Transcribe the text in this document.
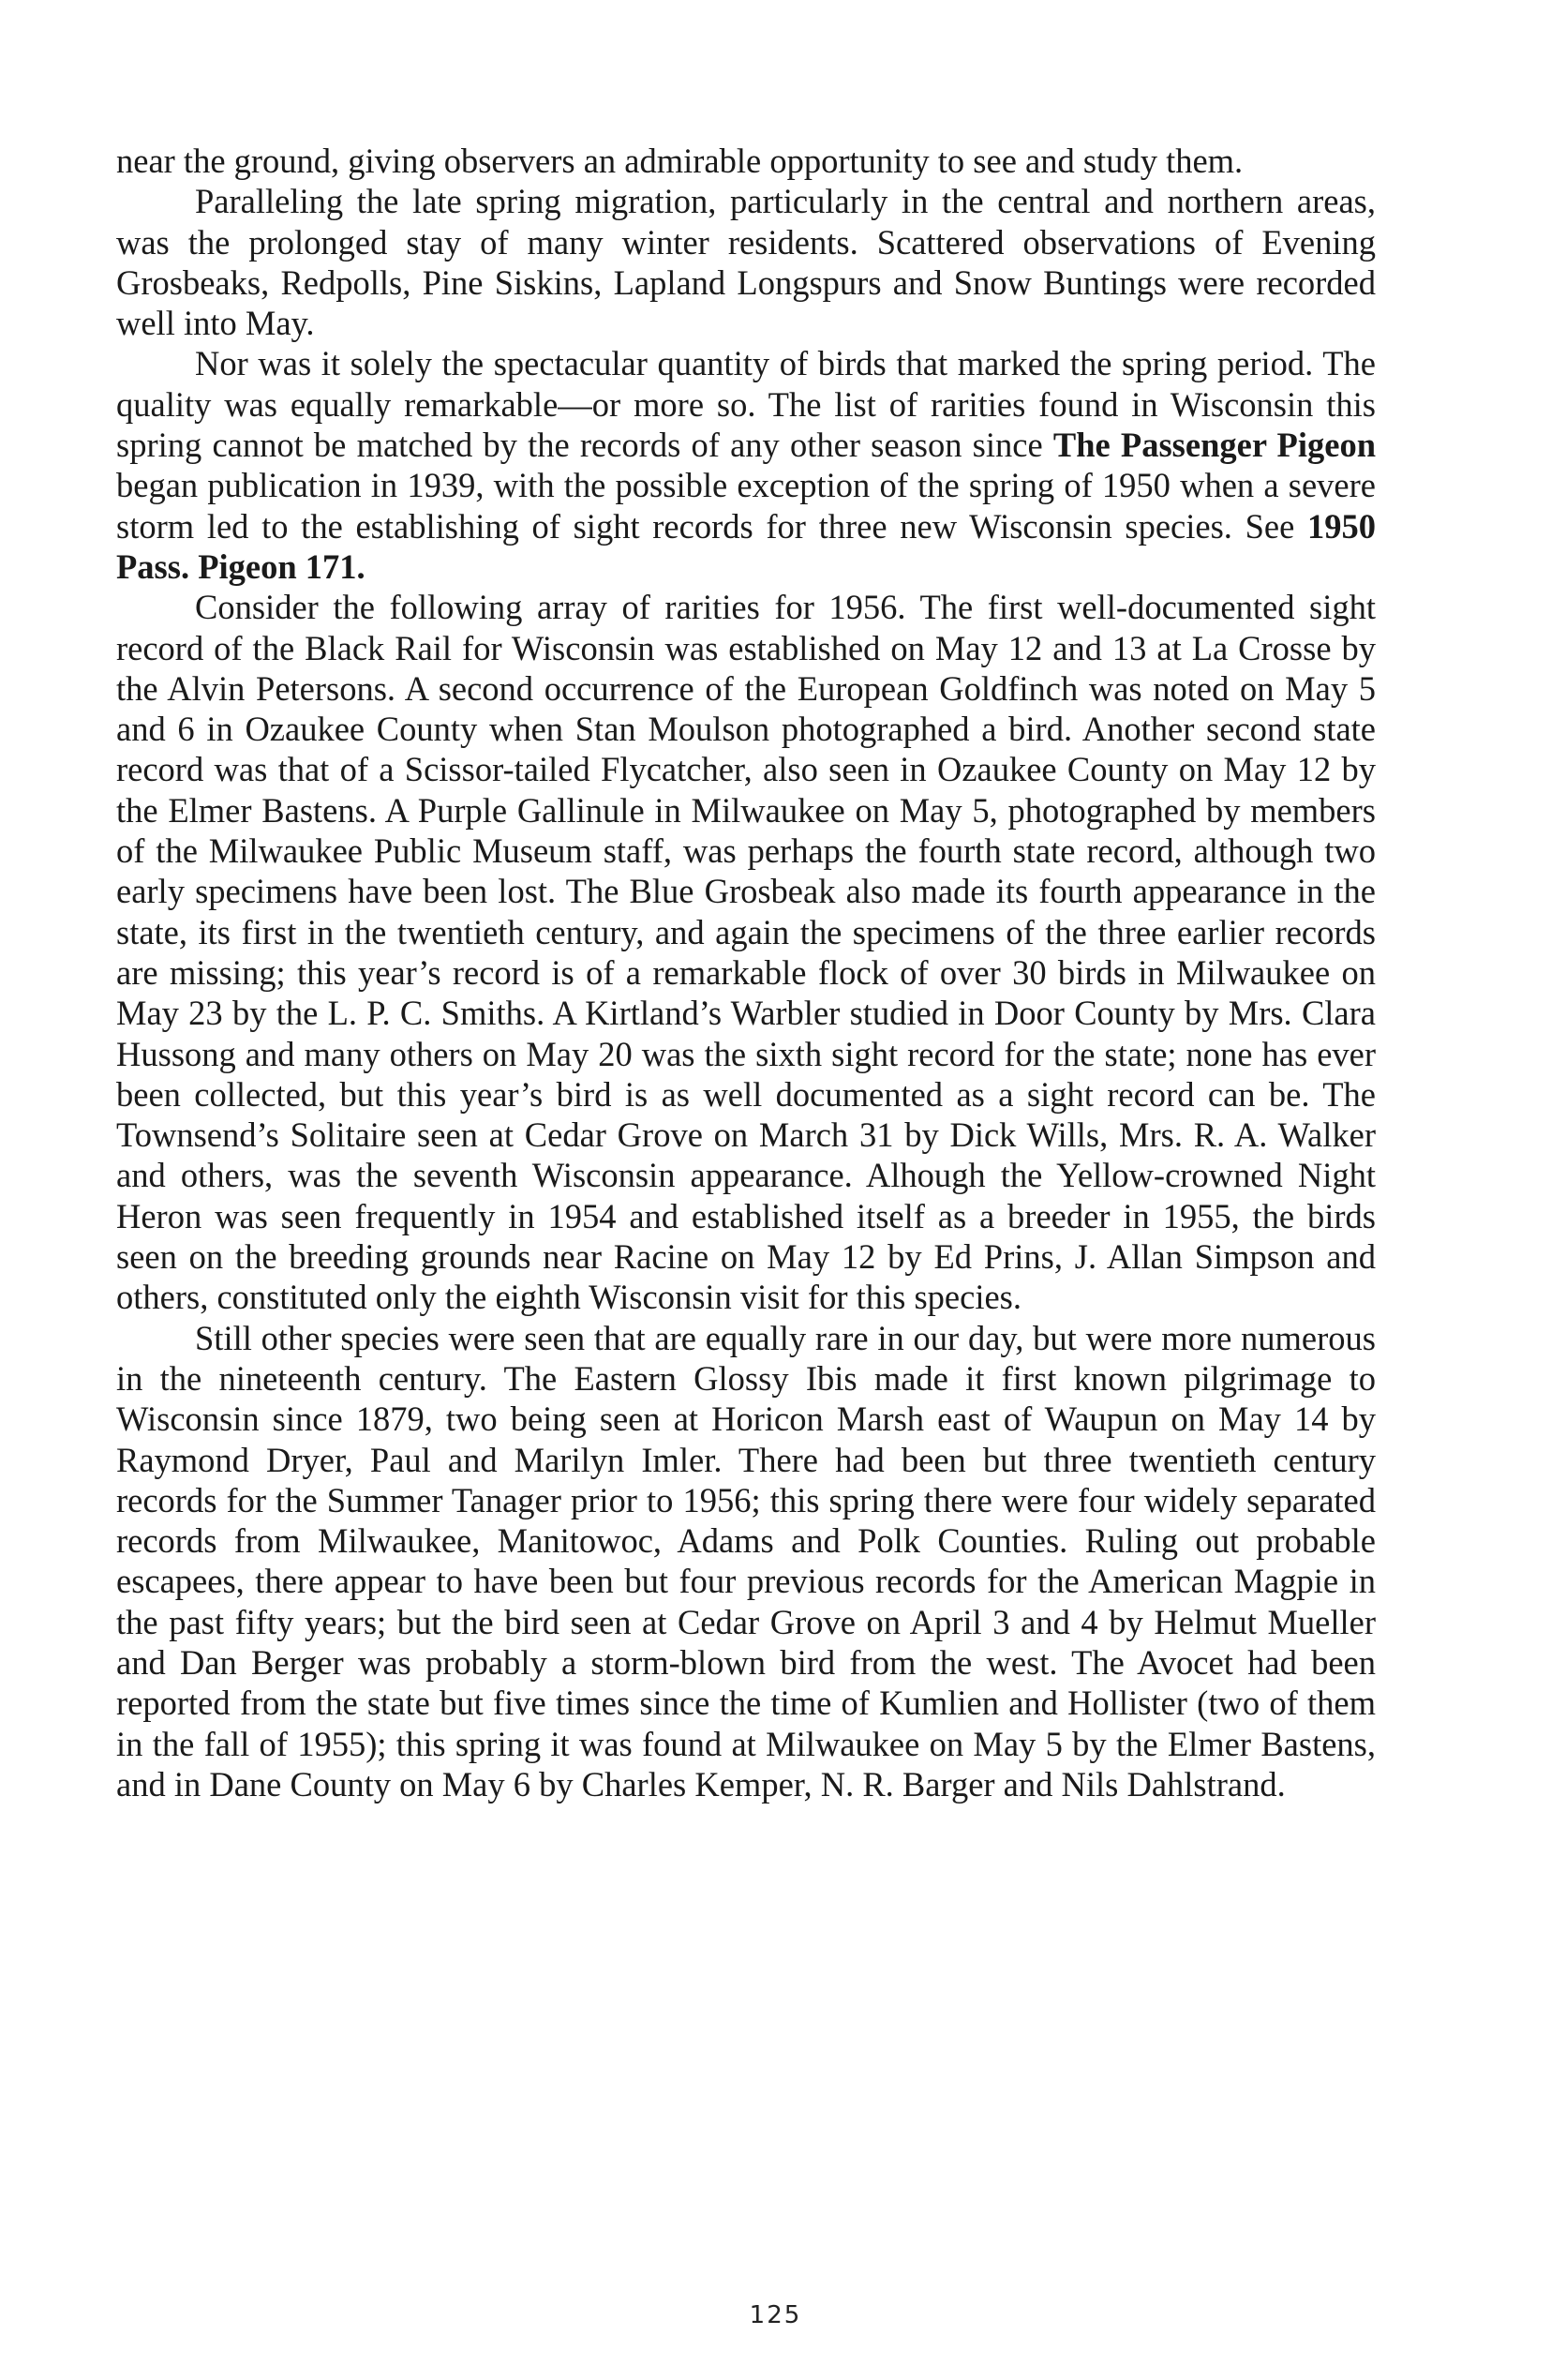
near the ground, giving observers an admirable opportunity to see and study them.

Paralleling the late spring migration, particularly in the central and northern areas, was the prolonged stay of many winter residents. Scattered observations of Evening Grosbeaks, Redpolls, Pine Siskins, Lapland Longspurs and Snow Buntings were recorded well into May.

Nor was it solely the spectacular quantity of birds that marked the spring period. The quality was equally remarkable—or more so. The list of rarities found in Wisconsin this spring cannot be matched by the records of any other season since The Passenger Pigeon began publication in 1939, with the possible exception of the spring of 1950 when a severe storm led to the establishing of sight records for three new Wisconsin species. See 1950 Pass. Pigeon 171.

Consider the following array of rarities for 1956. The first well-documented sight record of the Black Rail for Wisconsin was established on May 12 and 13 at La Crosse by the Alvin Petersons. A second occurrence of the European Goldfinch was noted on May 5 and 6 in Ozaukee County when Stan Moulson photographed a bird. Another second state record was that of a Scissor-tailed Flycatcher, also seen in Ozaukee County on May 12 by the Elmer Bastens. A Purple Gallinule in Milwaukee on May 5, photographed by members of the Milwaukee Public Museum staff, was perhaps the fourth state record, although two early specimens have been lost. The Blue Grosbeak also made its fourth appearance in the state, its first in the twentieth century, and again the specimens of the three earlier records are missing; this year’s record is of a remarkable flock of over 30 birds in Milwaukee on May 23 by the L. P. C. Smiths. A Kirtland’s Warbler studied in Door County by Mrs. Clara Hussong and many others on May 20 was the sixth sight record for the state; none has ever been collected, but this year’s bird is as well documented as a sight record can be. The Townsend’s Solitaire seen at Cedar Grove on March 31 by Dick Wills, Mrs. R. A. Walker and others, was the seventh Wisconsin appearance. Alhough the Yellow-crowned Night Heron was seen frequently in 1954 and established itself as a breeder in 1955, the birds seen on the breeding grounds near Racine on May 12 by Ed Prins, J. Allan Simpson and others, constituted only the eighth Wisconsin visit for this species.

Still other species were seen that are equally rare in our day, but were more numerous in the nineteenth century. The Eastern Glossy Ibis made it first known pilgrimage to Wisconsin since 1879, two being seen at Horicon Marsh east of Waupun on May 14 by Raymond Dryer, Paul and Marilyn Imler. There had been but three twentieth century records for the Summer Tanager prior to 1956; this spring there were four widely separated records from Milwaukee, Manitowoc, Adams and Polk Counties. Ruling out probable escapees, there appear to have been but four previous records for the American Magpie in the past fifty years; but the bird seen at Cedar Grove on April 3 and 4 by Helmut Mueller and Dan Berger was probably a storm-blown bird from the west. The Avocet had been reported from the state but five times since the time of Kumlien and Hollister (two of them in the fall of 1955); this spring it was found at Milwaukee on May 5 by the Elmer Bastens, and in Dane County on May 6 by Charles Kemper, N. R. Barger and Nils Dahlstrand.

125
